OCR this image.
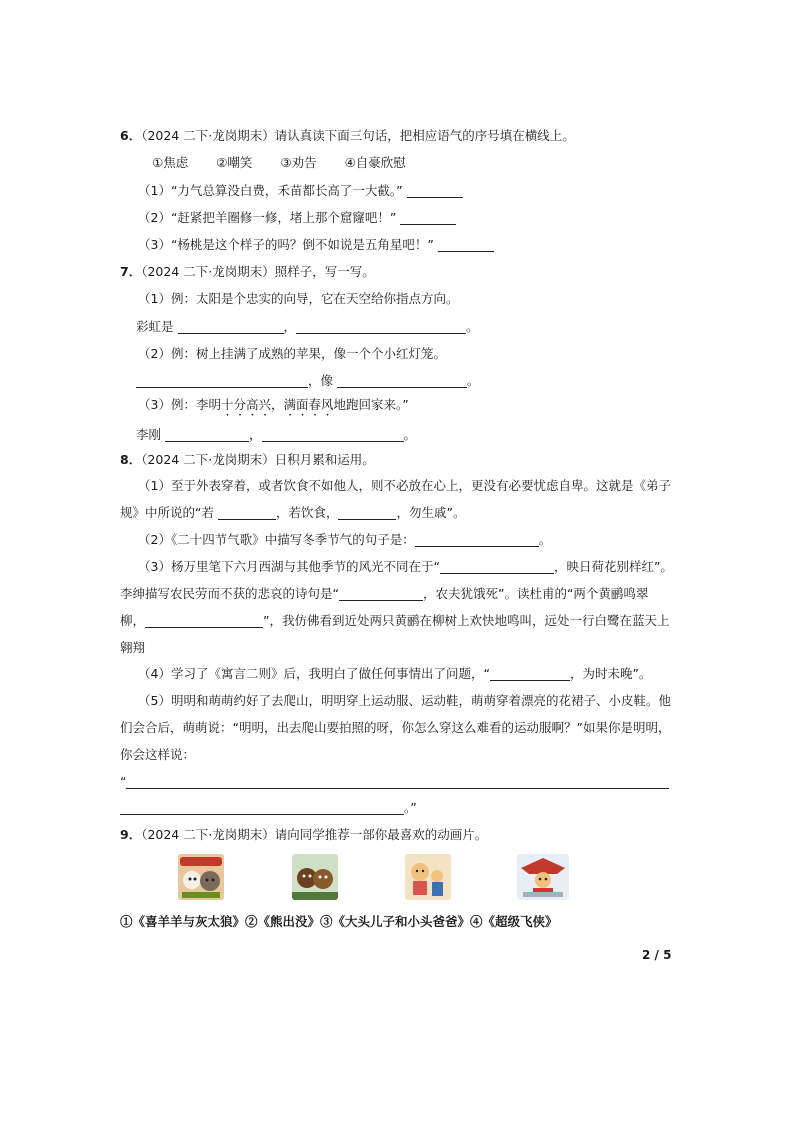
6．（2024 二下·龙岗期末）请认真读下面三句话，把相应语气的序号填在横线上。
①焦虑 ②嘲笑 ③劝告 ④自豪欣慰
（1）“力气总算没白费，禾苗都长高了一大截。”
（2）“赶紧把羊圈修一修，堵上那个窟窿吧！”
（3）“杨桃是这个样子的吗？倒不如说是五角星吧！”
7．（2024 二下·龙岗期末）照样子，写一写。
（1）例：太阳是个忠实的向导，它在天空给你指点方向。
彩虹是	，	。
（2）例：树上挂满了成熟的苹果，像一个个小红灯笼。
，像	。
（3）例：李明十分高兴，满面春风地跑回家来。”
李刚	，	。
8．（2024 二下·龙岗期末）日积月累和运用。
（1）至于外表穿着，或者饮食不如他人，则不必放在心上，更没有必要忧虑自卑。这就是《弟子
规》中所说的“若	，若饮食，	，勿生戚”。
（2）《二十四节气歌》中描写冬季节气的句子是：	。
（3）杨万里笔下六月西湖与其他季节的风光不同在于“	，映日荷花别样红”。
李绅描写农民劳而不获的悲哀的诗句是“	，农夫犹饿死”。读杜甫的“两个黄鹂鸣翠
柳，	”，我仿佛看到近处两只黄鹂在柳树上欢快地鸣叫，远处一行白鹭在蓝天上
翱翔
（4）学习了《寓言二则》后，我明白了做任何事情出了问题，“	，为时未晚”。
（5）明明和萌萌约好了去爬山，明明穿上运动服、运动鞋，萌萌穿着漂亮的花裙子、小皮鞋。他
们会合后，萌萌说：“明明，出去爬山要拍照的呀，你怎么穿这么难看的运动服啊？”如果你是明明，
你会这样说：
“
。”
9．（2024 二下·龙岗期末）请向同学推荐一部你最喜欢的动画片。
①《喜羊羊与灰太狼》②《熊出没》③《大头儿子和小头爸爸》④《超级飞侠》
2 / 5
